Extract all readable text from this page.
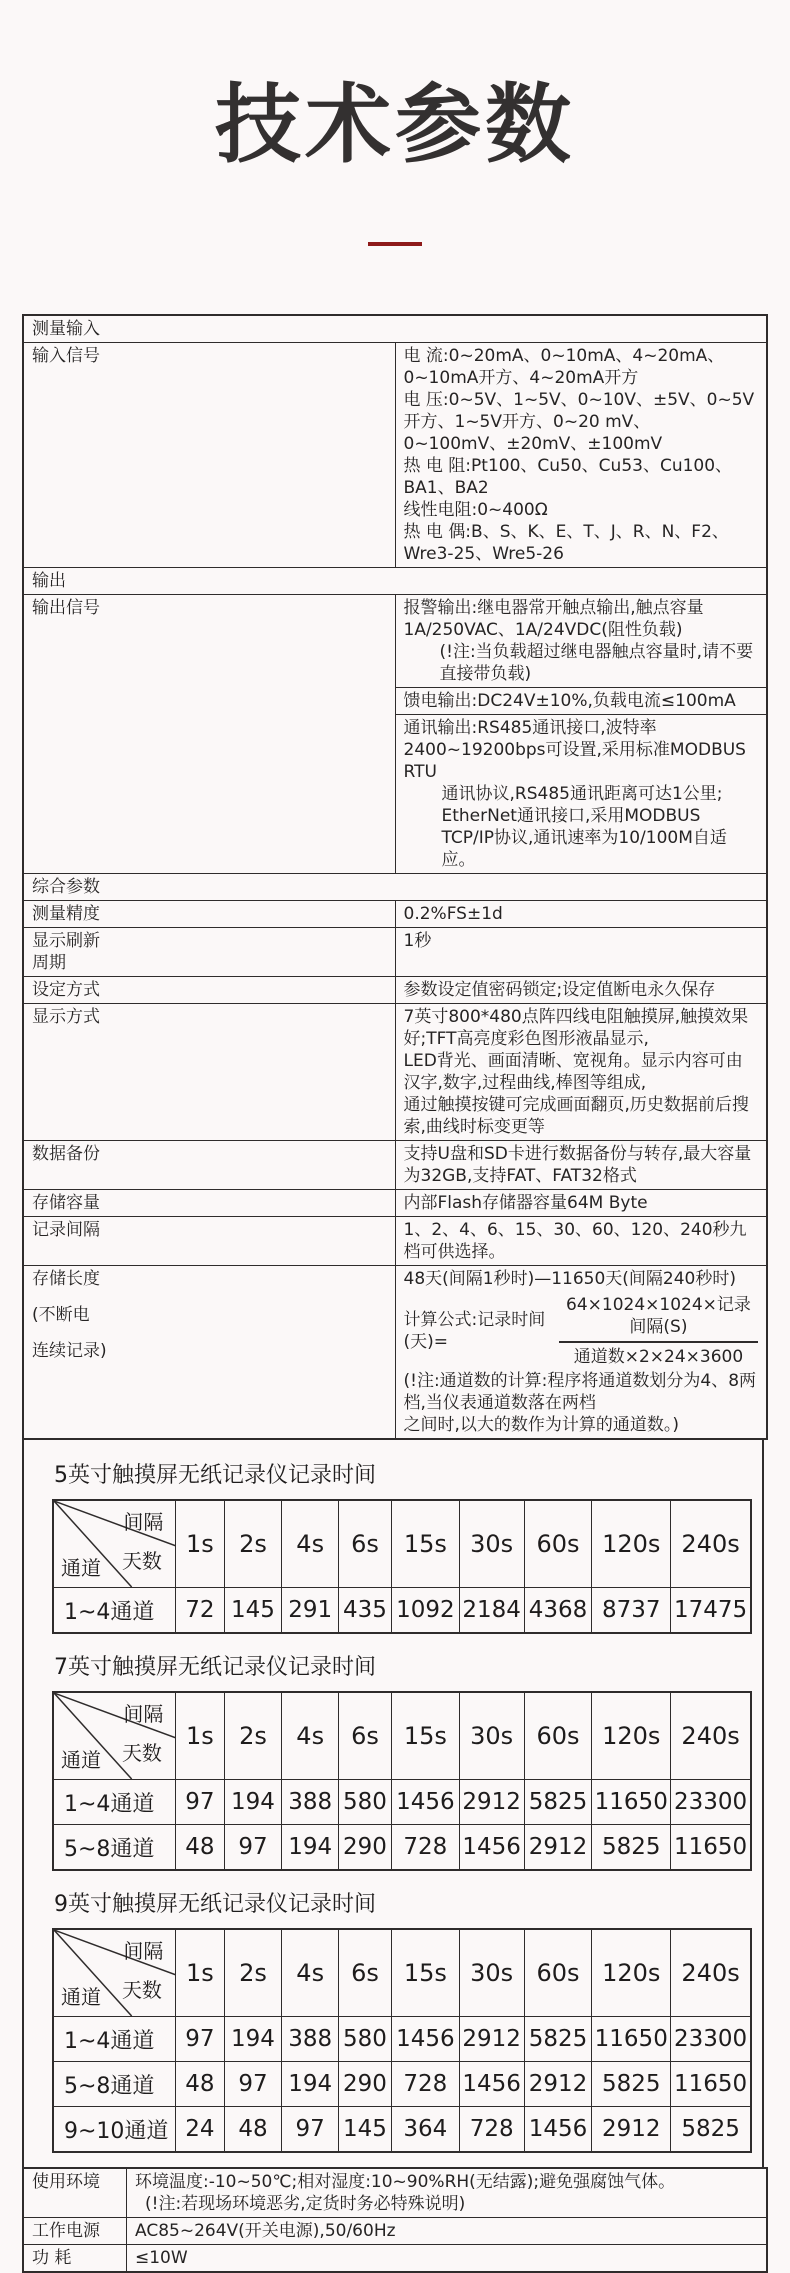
技术参数
测量输入	
输入信号	电 流:0~20mA、0~10mA、4~20mA、0~10mA开方、4~20mA开方
电 压:0~5V、1~5V、0~10V、±5V、0~5V开方、1~5V开方、0~20 mV、
0~100mV、±20mV、±100mV
热 电 阻:Pt100、Cu50、Cu53、Cu100、BA1、BA2
线性电阻:0~400Ω
热 电 偶:B、S、K、E、T、J、R、N、F2、Wre3-25、Wre5-26

输出	
输出信号	报警输出:继电器常开触点输出,触点容量1A/250VAC、1A/24VDC(阻性负载)
(!注:当负载超过继电器触点容量时,请不要直接带负载)

	馈电输出:DC24V±10%,负载电流≤100mA

	通讯输出:RS485通讯接口,波特率2400~19200bps可设置,采用标准MODBUS RTU
通讯协议,RS485通讯距离可达1公里;
EtherNet通讯接口,采用MODBUS TCP/IP协议,通讯速率为10/100M自适应。

综合参数	
测量精度	0.2%FS±1d

显示刷新
周期	1秒
设定方式	参数设定值密码锁定;设定值断电永久保存
显示方式	7英寸800*480点阵四线电阻触摸屏,触摸效果好;TFT高亮度彩色图形液晶显示,
LED背光、画面清晰、宽视角。显示内容可由汉字,数字,过程曲线,棒图等组成,
通过触摸按键可完成画面翻页,历史数据前后搜索,曲线时标变更等

数据备份	支持U盘和SD卡进行数据备份与转存,最大容量为32GB,支持FAT、FAT32格式
存储容量	内部Flash存储器容量64M Byte
记录间隔	1、2、4、6、15、30、60、120、240秒九档可供选择。

存储长度
(不断电
连续记录)

48天(间隔1秒时)—11650天(间隔240秒时)
计算公式:记录时间(天)=	$\frac{\text{64×1024×1024×记录间隔(S)}}{\text{通道数×2×24×3600}}$
(!注:通道数的计算:程序将通道数划分为4、8两档,当仪表通道数落在两档
之间时,以大的数作为计算的通道数。)
5英寸触摸屏无纸记录仪记录时间
间隔
天数
通道	1s	2s	4s	6s	15s	30s	60s	120s	240s
1~4通道	72	145	291	435	1092	2184	4368	8737	17475
7英寸触摸屏无纸记录仪记录时间
间隔
天数
通道	1s	2s	4s	6s	15s	30s	60s	120s	240s
1~4通道	97	194	388	580	1456	2912	5825	11650	23300
5~8通道	48	97	194	290	728	1456	2912	5825	11650
9英寸触摸屏无纸记录仪记录时间
间隔
天数
通道	1s	2s	4s	6s	15s	30s	60s	120s	240s
1~4通道	97	194	388	580	1456	2912	5825	11650	23300
5~8通道	48	97	194	290	728	1456	2912	5825	11650
9~10通道	24	48	97	145	364	728	1456	2912	5825
使用环境	环境温度:-10~50℃;相对湿度:10~90%RH(无结露);避免强腐蚀气体。
(!注:若现场环境恶劣,定货时务必特殊说明)

工作电源	AC85~264V(开关电源),50/60Hz
功 耗	≤10W
